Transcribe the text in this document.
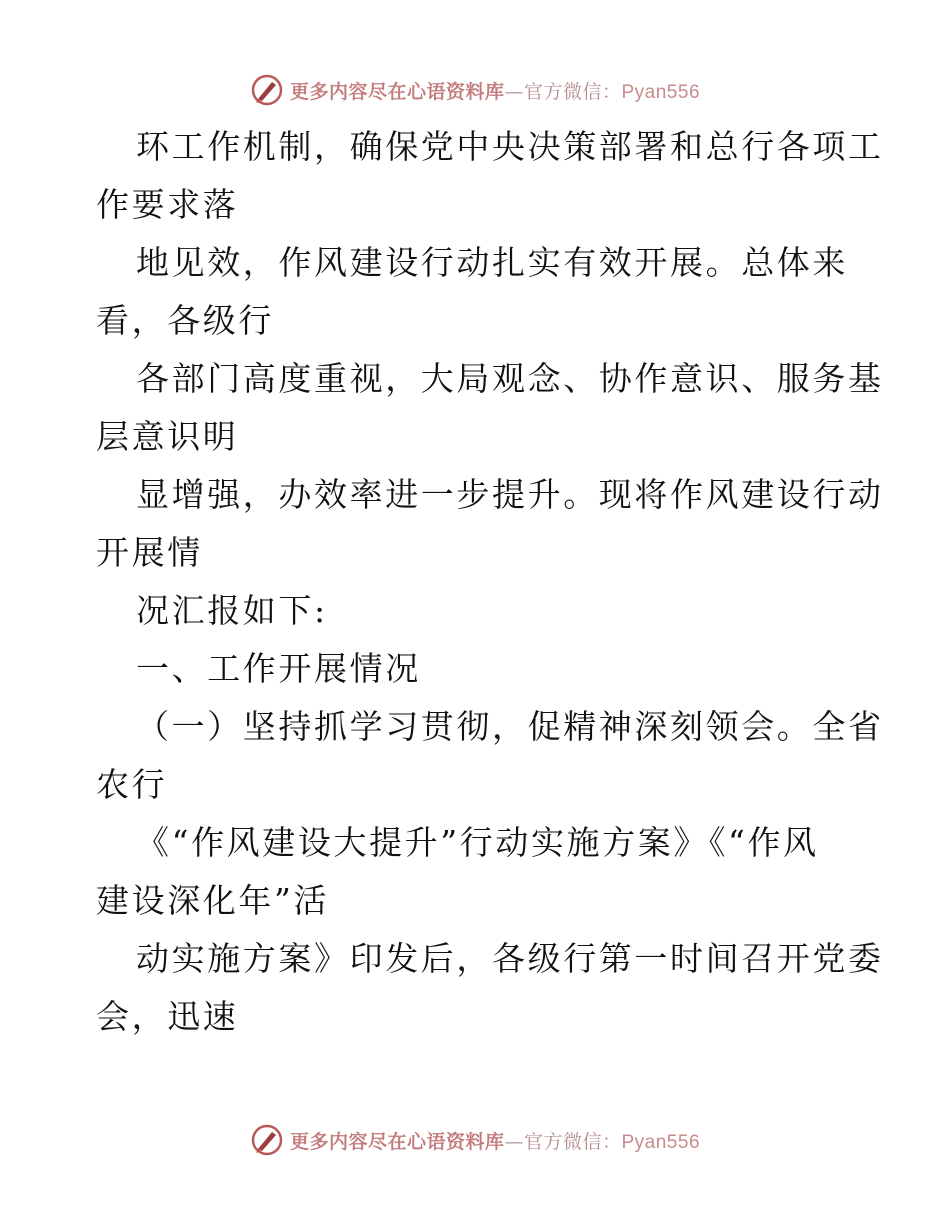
更多内容尽在心语资料库—官方微信：Pyan556
环工作机制，确保党中央决策部署和总行各项工
作要求落
地见效，作风建设行动扎实有效开展。总体来
看，各级行
各部门高度重视，大局观念、协作意识、服务基
层意识明
显增强，办效率进一步提升。现将作风建设行动
开展情
况汇报如下:
一、工作开展情况
（一）坚持抓学习贯彻，促精神深刻领会。全省
农行
《“作风建设大提升”行动实施方案》《“作风
建设深化年”活
动实施方案》印发后，各级行第一时间召开党委
会，迅速
更多内容尽在心语资料库—官方微信：Pyan556
